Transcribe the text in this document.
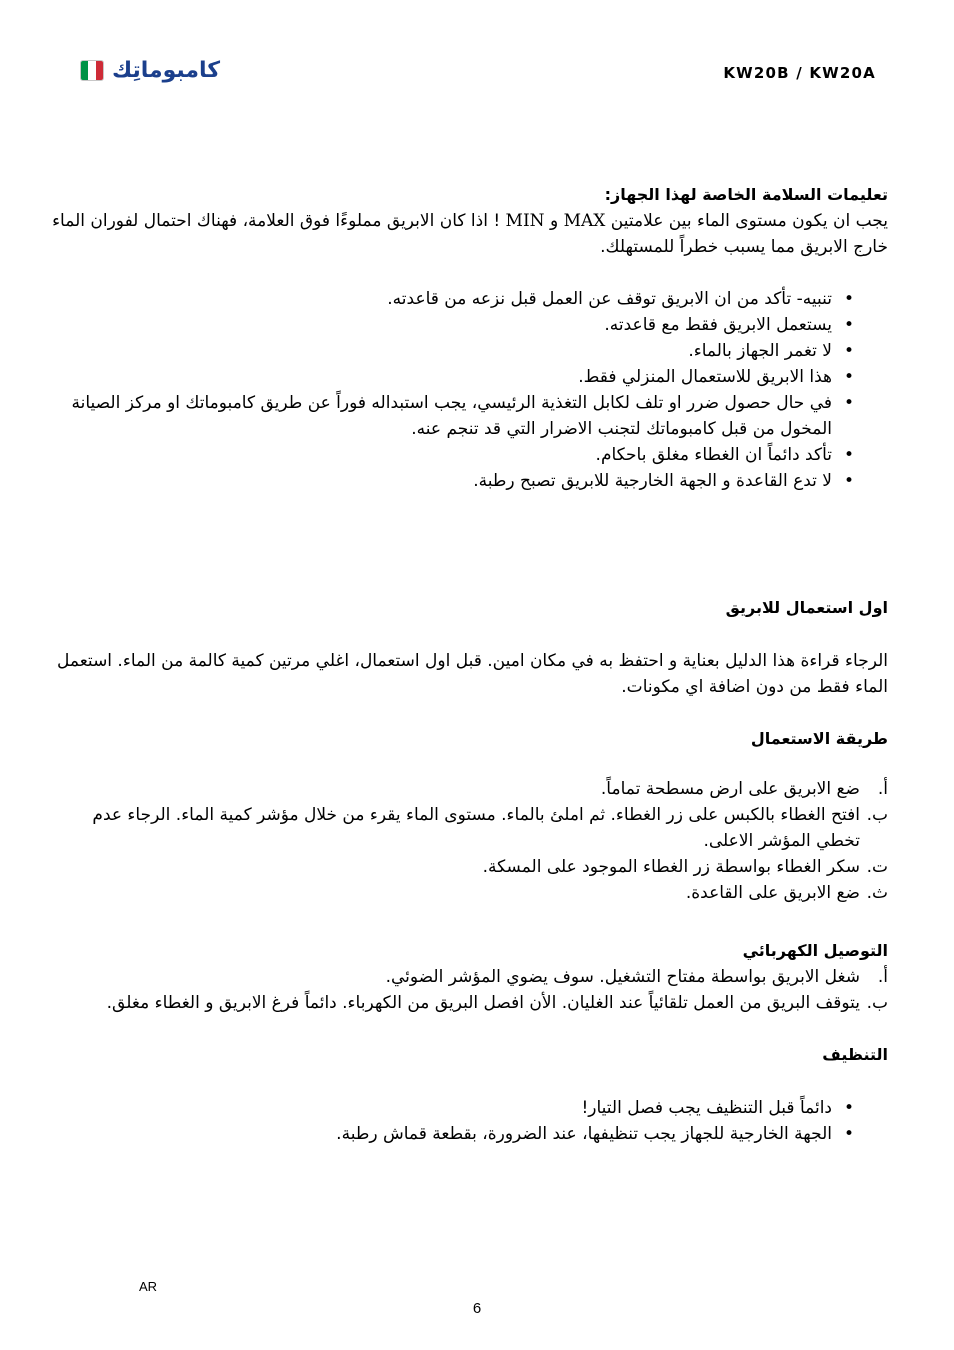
كامبوماتِك	KW20B / KW20A
تعليمات السلامة الخاصة لهذا الجهاز:

يجب ان يكون مستوى الماء بين علامتين MAX و MIN ! اذا كان الابريق مملوءًا فوق العلامة، فهناك احتمال لفوران الماء خارج الابريق مما يسبب خطراً للمستهلك.

• تنبيه- تأكد من ان الابريق توقف عن العمل قبل نزعه من قاعدته.
• يستعمل الابريق فقط مع قاعدته.
• لا تغمر الجهاز بالماء.
• هذا الابريق للاستعمال المنزلي فقط.
• في حال حصول ضرر او تلف لكابل التغذية الرئيسي، يجب استبداله فوراً عن طريق كامبوماتك او مركز الصيانة المخول من قبل كامبوماتك لتجنب الاضرار التي قد تنجم عنه.
• تأكد دائماً ان الغطاء مغلق باحكام.
• لا تدع القاعدة و الجهة الخارجية للابريق تصبح رطبة.
اول استعمال للابريق

الرجاء قراءة هذا الدليل بعناية و احتفظ به في مكان امين. قبل اول استعمال، اغلي مرتين كمية كالمة من الماء. استعمل الماء فقط من دون اضافة اي مكونات.

طريقة الاستعمال
أ.
ضع الابريق على ارض مسطحة تماماً.
ب.
افتح الغطاء بالكبس على زر الغطاء. ثم املئ بالماء. مستوى الماء يقرء من خلال مؤشر كمية الماء. الرجاء عدم تخطي المؤشر الاعلى.
ت.
سكر الغطاء بواسطة زر الغطاء الموجود على المسكة.
ث.
ضع الابريق على القاعدة.
التوصيل الكهربائي
أ.
شغل الابريق بواسطة مفتاح التشغيل. سوف يضوي المؤشر الضوئي.
ب.
يتوقف البريق من العمل تلقائياً عند الغليان. الأن افصل البريق من الكهرباء. دائماً فرغ الابريق و الغطاء مغلق.
التنظيف
• دائماً قبل التنظيف يجب فصل التيار!
• الجهة الخارجية للجهاز يجب تنظيفها، عند الضرورة، بقطعة قماش رطبة.
AR
6
